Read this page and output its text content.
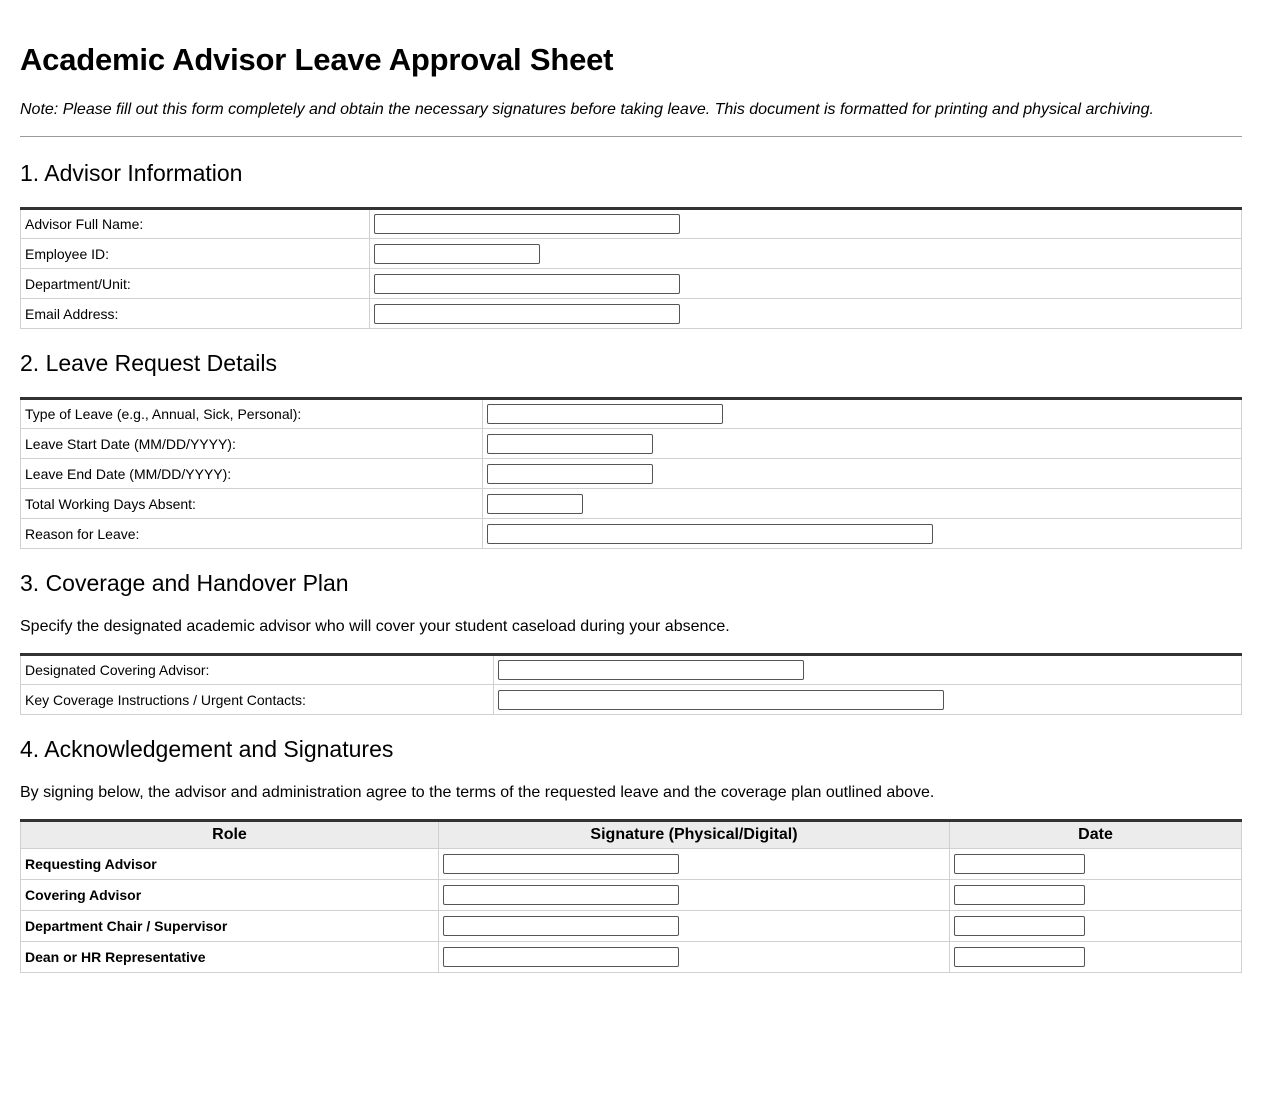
Academic Advisor Leave Approval Sheet

Note: Please fill out this form completely and obtain the necessary signatures before taking leave. This document is formatted for printing and physical archiving.

1. Advisor Information
Advisor Full Name:	

Employee ID:	

Department/Unit:	

Email Address:	
2. Leave Request Details
Type of Leave (e.g., Annual, Sick, Personal):	

Leave Start Date (MM/DD/YYYY):	

Leave End Date (MM/DD/YYYY):	

Total Working Days Absent:	

Reason for Leave:	
3. Coverage and Handover Plan

Specify the designated academic advisor who will cover your student caseload during your absence.

Designated Covering Advisor:	

Key Coverage Instructions / Urgent Contacts:	
4. Acknowledgement and Signatures

By signing below, the advisor and administration agree to the terms of the requested leave and the coverage plan outlined above.

Role	Signature (Physical/Digital)	Date
Requesting Advisor	

Covering Advisor	

Department Chair / Supervisor	

Dean or HR Representative	
